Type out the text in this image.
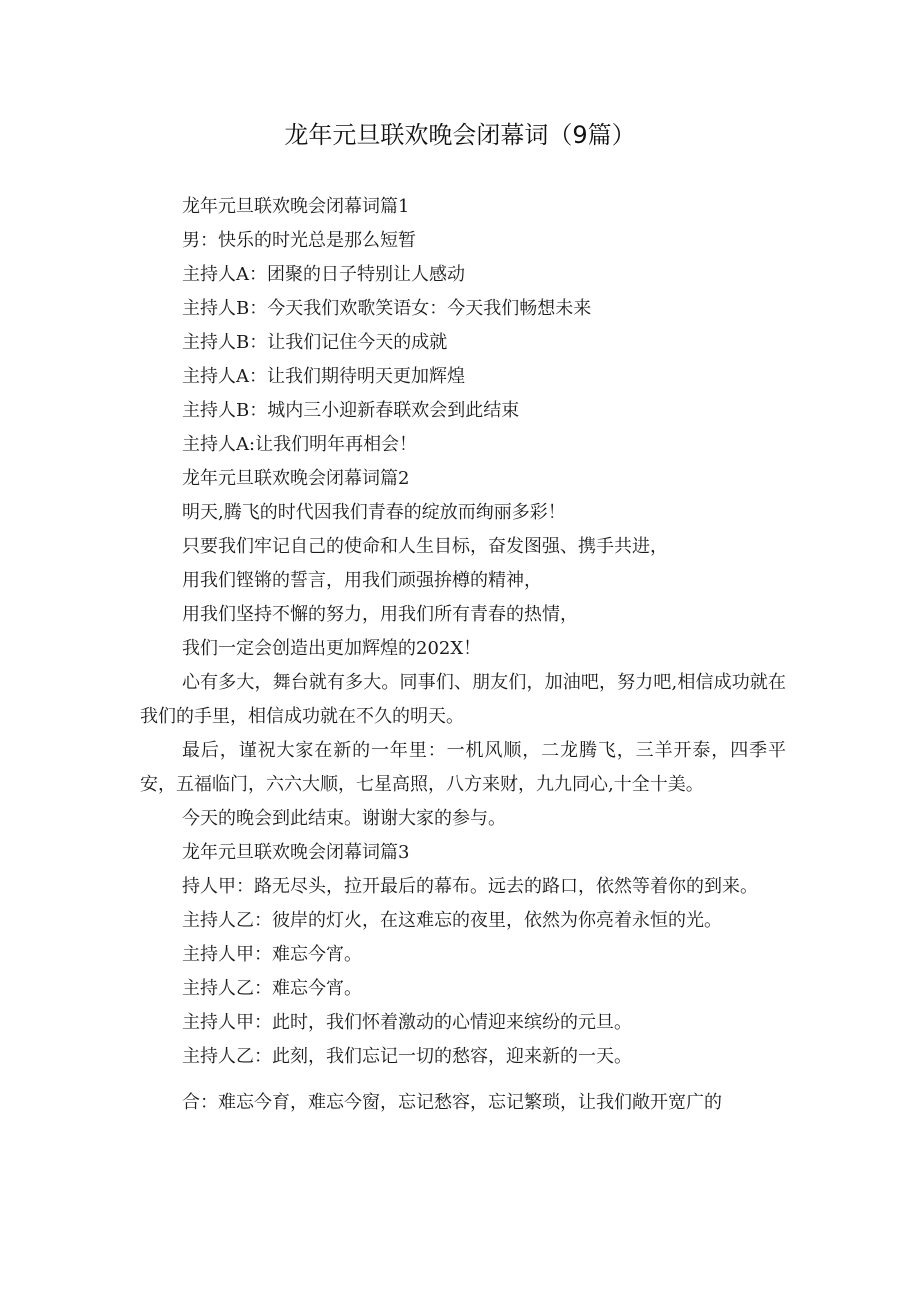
龙年元旦联欢晚会闭幕词（9篇）

龙年元旦联欢晚会闭幕词篇1

男：快乐的时光总是那么短暂

主持人A：团聚的日子特别让人感动

主持人B：今天我们欢歌笑语女：今天我们畅想未来

主持人B：让我们记住今天的成就

主持人A：让我们期待明天更加辉煌

主持人B：城内三小迎新春联欢会到此结束

主持人A:让我们明年再相会！

龙年元旦联欢晚会闭幕词篇2

明天,腾飞的时代因我们青春的绽放而绚丽多彩！

只要我们牢记自己的使命和人生目标，奋发图强、携手共进，

用我们铿锵的誓言，用我们顽强拚樽的精神，

用我们坚持不懈的努力，用我们所有青春的热情，

我们一定会创造出更加辉煌的202X！

心有多大，舞台就有多大。同事们、朋友们，加油吧，努力吧,相信成功就在我们的手里，相信成功就在不久的明天。

最后，谨祝大家在新的一年里：一机风顺，二龙腾飞，三羊开泰，四季平安，五福临门，六六大顺，七星高照，八方来财，九九同心,十全十美。

今天的晚会到此结束。谢谢大家的参与。

龙年元旦联欢晚会闭幕词篇3

持人甲：路无尽头，拉开最后的幕布。远去的路口，依然等着你的到来。

主持人乙：彼岸的灯火，在这难忘的夜里，依然为你亮着永恒的光。

主持人甲：难忘今宵。

主持人乙：难忘今宵。

主持人甲：此时，我们怀着激动的心情迎来缤纷的元旦。

主持人乙：此刻，我们忘记一切的愁容，迎来新的一天。

合：难忘今育，难忘今窗，忘记愁容，忘记繁琐，让我们敞开宽广的
